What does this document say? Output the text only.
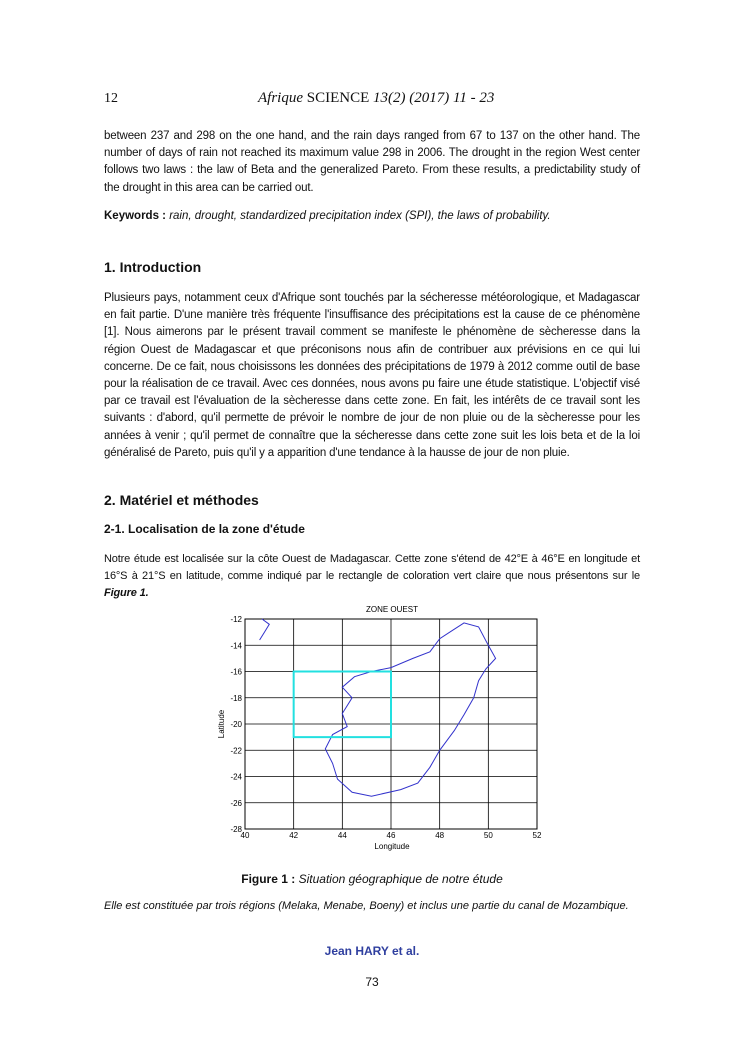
12	Afrique SCIENCE 13(2) (2017) 11 - 23
between 237 and 298 on the one hand, and the rain days ranged from 67 to 137 on the other hand. The number of days of rain not reached its maximum value 298 in 2006. The drought in the region West center follows two laws : the law of Beta and the generalized Pareto. From these results, a predictability study of the drought in this area can be carried out.
Keywords : rain, drought, standardized precipitation index (SPI), the laws of probability.
1. Introduction
Plusieurs pays, notamment ceux d'Afrique sont touchés par la sécheresse météorologique, et Madagascar en fait partie. D'une manière très fréquente l'insuffisance des précipitations est la cause de ce phénomène [1]. Nous aimerons par le présent travail comment se manifeste le phénomène de sècheresse dans la région Ouest de Madagascar et que préconisons nous afin de contribuer aux prévisions en ce qui lui concerne. De ce fait, nous choisissons les données des précipitations de 1979 à 2012 comme outil de base pour la réalisation de ce travail. Avec ces données, nous avons pu faire une étude statistique. L'objectif visé par ce travail est l'évaluation de la sècheresse dans cette zone. En fait, les intérêts de ce travail sont les suivants : d'abord, qu'il permette de prévoir le nombre de jour de non pluie ou de la sècheresse pour les années à venir ; qu'il permet de connaître que la sécheresse dans cette zone suit les lois beta et de la loi généralisé de Pareto, puis qu'il y a apparition d'une tendance à la hausse de jour de non pluie.
2. Matériel et méthodes
2-1. Localisation de la zone d'étude
Notre étude est localisée sur la côte Ouest de Madagascar. Cette zone s'étend de 42°E à 46°E en longitude et 16°S à 21°S en latitude, comme indiqué par le rectangle de coloration vert claire que nous présentons sur le Figure 1.
40	42	44	46	48	50	52
-12
-14
-16
-18
-20
-22
-24
-26
-28
ZONE OUEST
Longitude
Latitude
Figure 1 : Situation géographique de notre étude
Elle est constituée par trois régions (Melaka, Menabe, Boeny) et inclus une partie du canal de Mozambique.
Jean HARY et al.
73
